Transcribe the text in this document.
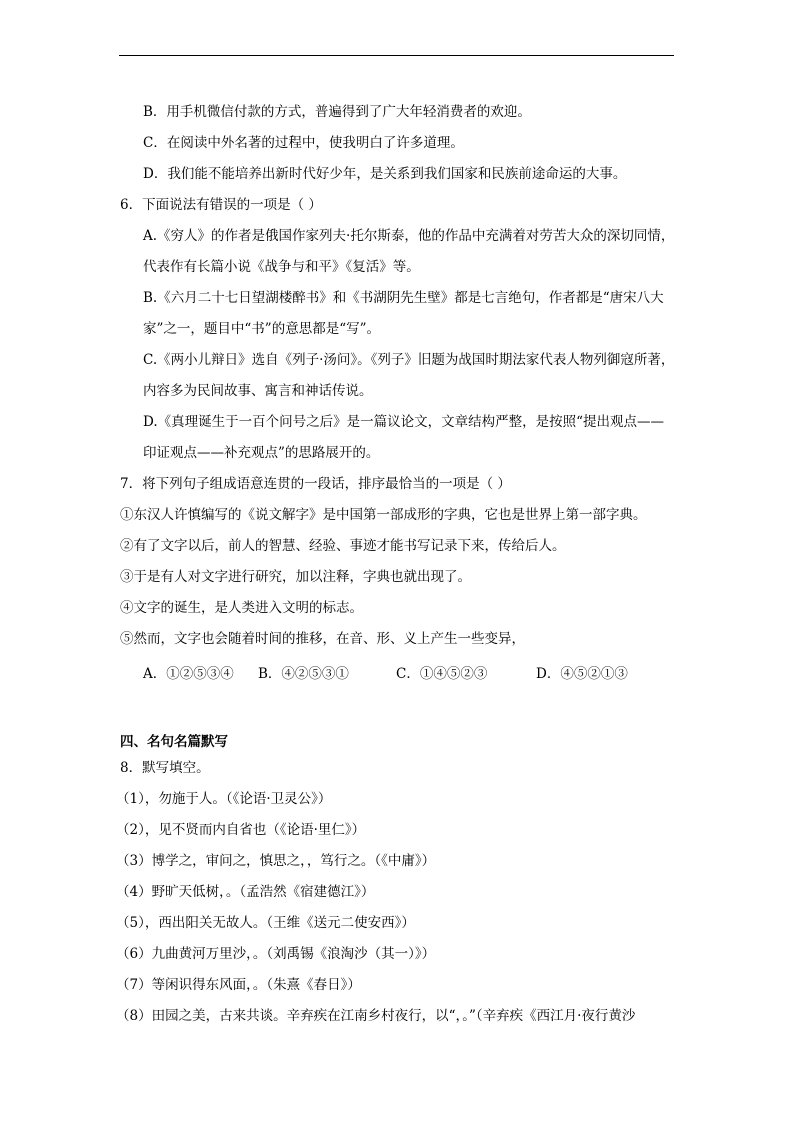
B．用手机微信付款的方式，普遍得到了广大年轻消费者的欢迎。
C．在阅读中外名著的过程中，使我明白了许多道理。
D．我们能不能培养出新时代好少年，是关系到我们国家和民族前途命运的大事。
6．下面说法有错误的一项是（ ）
A.《穷人》的作者是俄国作家列夫·托尔斯泰，他的作品中充满着对劳苦大众的深切同情，
代表作有长篇小说《战争与和平》《复活》等。
B.《六月二十七日望湖楼醉书》和《书湖阴先生壁》都是七言绝句，作者都是“唐宋八大
家”之一，题目中“书”的意思都是“写”。
C.《两小儿辩日》选自《列子·汤问》。《列子》旧题为战国时期法家代表人物列御寇所著，
内容多为民间故事、寓言和神话传说。
D.《真理诞生于一百个问号之后》是一篇议论文，文章结构严整，是按照“提出观点——
印证观点——补充观点”的思路展开的。
7．将下列句子组成语意连贯的一段话，排序最恰当的一项是（ ）
①东汉人许慎编写的《说文解字》是中国第一部成形的字典，它也是世界上第一部字典。
②有了文字以后，前人的智慧、经验、事迹才能书写记录下来，传给后人。
③于是有人对文字进行研究，加以注释，字典也就出现了。
④文字的诞生，是人类进入文明的标志。
⑤然而，文字也会随着时间的推移，在音、形、义上产生一些变异，
A．①②⑤③④ B．④②⑤③①	C．①④⑤②③	D．④⑤②①③
四、名句名篇默写
8．默写填空。
（1），勿施于人。（《论语·卫灵公》）
（2），见不贤而内自省也（《论语·里仁》）
（3）博学之，审问之，慎思之，，笃行之。（《中庸》）
（4）野旷天低树，。（孟浩然《宿建德江》）
（5），西出阳关无故人。（王维《送元二使安西》）
（6）九曲黄河万里沙，。（刘禹锡《浪淘沙（其一）》）
（7）等闲识得东风面，。（朱熹《春日》）
（8）田园之美，古来共谈。辛弃疾在江南乡村夜行，以“，。”（辛弃疾《西江月·夜行黄沙
